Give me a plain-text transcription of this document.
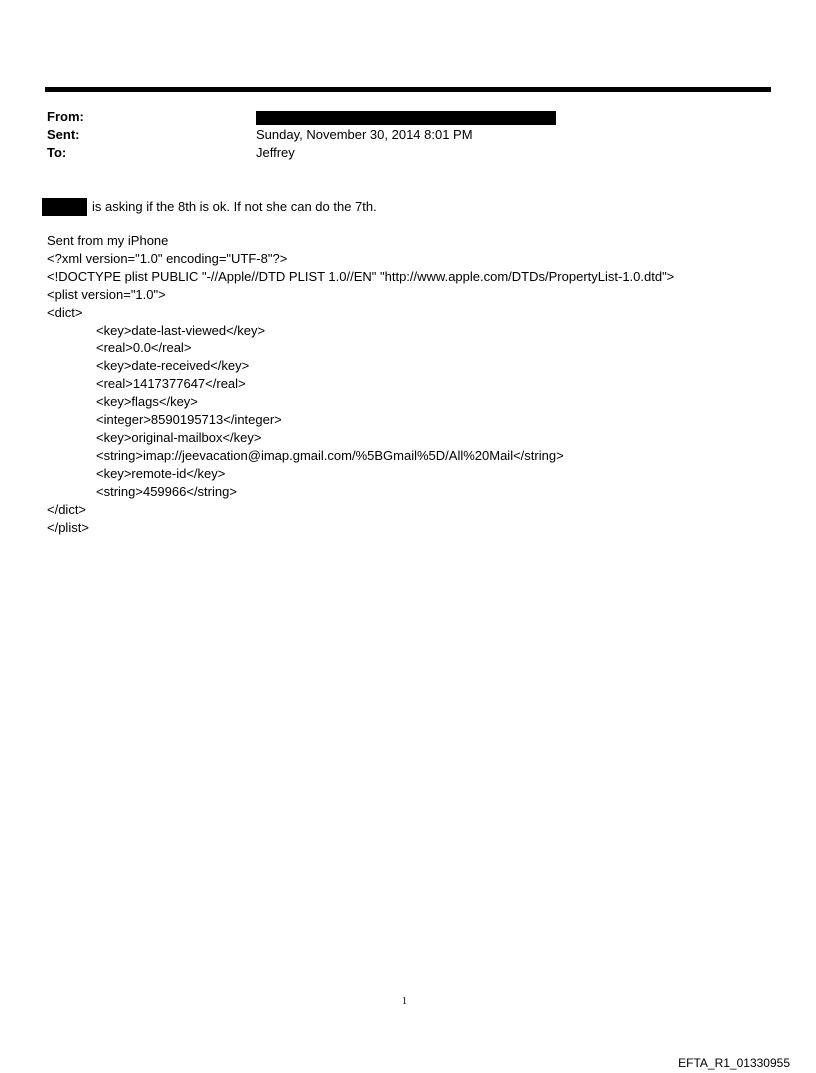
From:
Sent:	Sunday, November 30, 2014 8:01 PM
To:	Jeffrey
is asking if the 8th is ok. If not she can do the 7th.
Sent from my iPhone
<?xml version="1.0" encoding="UTF-8"?>
<!DOCTYPE plist PUBLIC "-//Apple//DTD PLIST 1.0//EN" "http://www.apple.com/DTDs/PropertyList-1.0.dtd">
<plist version="1.0">
<dict>
<key>date-last-viewed</key>
<real>0.0</real>
<key>date-received</key>
<real>1417377647</real>
<key>flags</key>
<integer>8590195713</integer>
<key>original-mailbox</key>
<string>imap://jeevacation@imap.gmail.com/%5BGmail%5D/All%20Mail</string>
<key>remote-id</key>
<string>459966</string>
</dict>
</plist>
1
EFTA_R1_01330955
